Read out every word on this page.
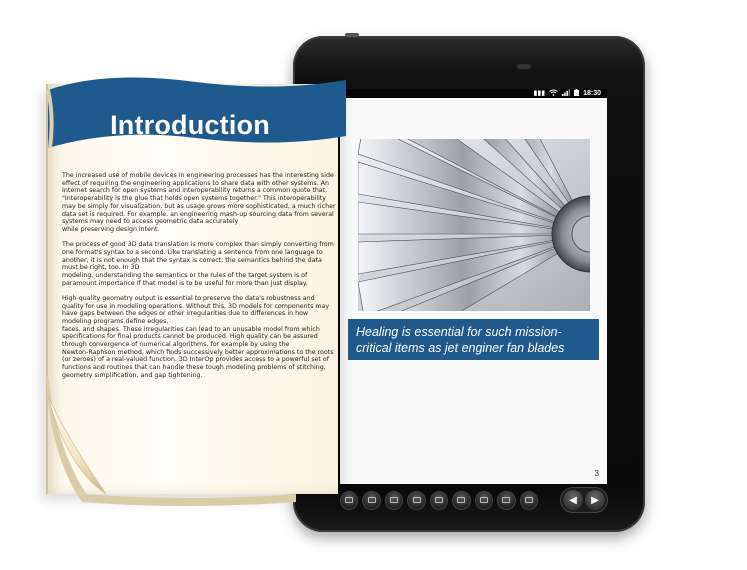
▮▮▮	18:30
Healing is essential for such mission-critical items as jet enginer fan blades
3
◀	▶
Introduction

The increased use of mobile devices in engineering processes has the interesting side
effect of requiring the engineering applications to share data with other systems. An
Internet search for open systems and interoperability returns a common quote that,
"Interoperability is the glue that holds open systems together." This interoperability
may be simply for visualization, but as usage grows more sophisticated, a much richer
data set is required. For example, an engineering mash-up sourcing data from several
systems may need to access geometric data accurately
while preserving design intent.

The process of good 3D data translation is more complex than simply converting from
one format's syntax to a second. Like translating a sentence from one language to
another, it is not enough that the syntax is correct; the semantics behind the data
must be right, too. In 3D
modeling, understanding the semantics or the rules of the target system is of
paramount importance if that model is to be useful for more than just display.

High-quality geometry output is essential to preserve the data's robustness and
quality for use in modeling operations. Without this, 3D models for components may
have gaps between the edges or other irregularities due to differences in how
modeling programs define edges,
faces, and shapes. These irregularities can lead to an unusable model from which
specifications for final products cannot be produced. High quality can be assured
through convergence of numerical algorithms, for example by using the
Newton-Raphson method, which finds successively better approximations to the roots
(or zeroes) of a real-valued function. 3D InterOp provides access to a powerful set of
functions and routines that can handle these tough modeling problems of stitching,
geometry simplification, and gap tightening.
